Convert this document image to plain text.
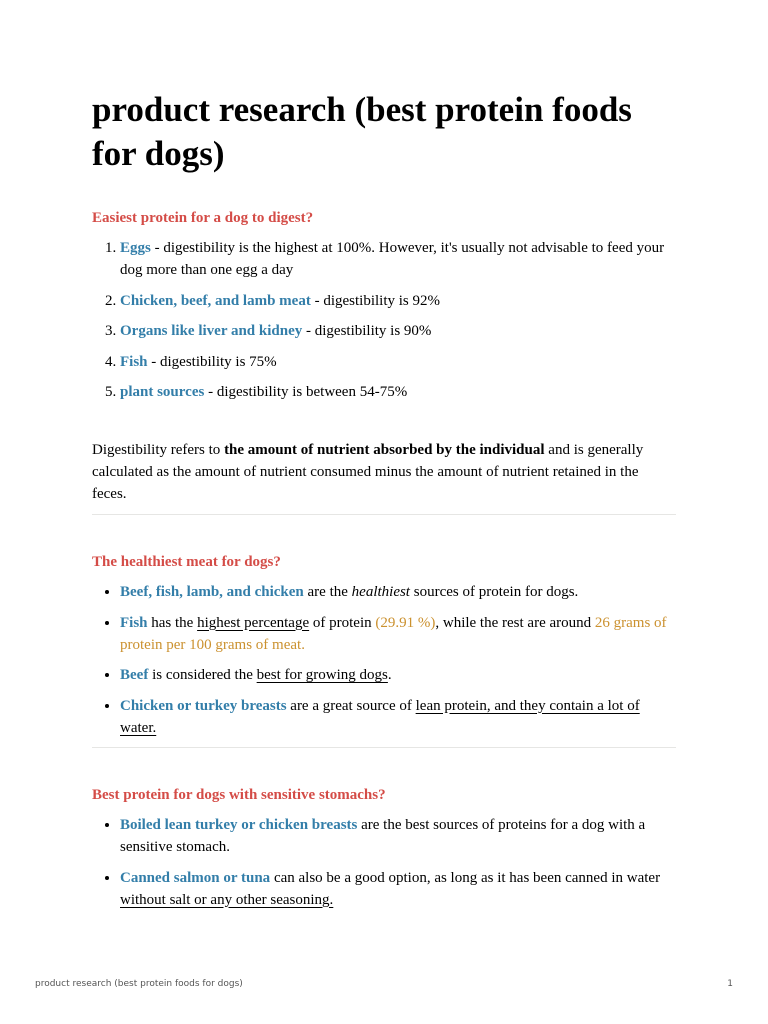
product research (best protein foods for dogs)
Easiest protein for a dog to digest?
1. Eggs - digestibility is the highest at 100%. However, it's usually not advisable to feed your dog more than one egg a day
2. Chicken, beef, and lamb meat - digestibility is 92%
3. Organs like liver and kidney - digestibility is 90%
4. Fish - digestibility is 75%
5. plant sources - digestibility is between 54-75%

Digestibility refers to the amount of nutrient absorbed by the individual and is generally calculated as the amount of nutrient consumed minus the amount of nutrient retained in the feces.

The healthiest meat for dogs?
• Beef, fish, lamb, and chicken are the healthiest sources of protein for dogs.
• Fish has the highest percentage of protein (29.91 %), while the rest are around 26 grams of protein per 100 grams of meat.
• Beef is considered the best for growing dogs.
• Chicken or turkey breasts are a great source of lean protein, and they contain a lot of water.
Best protein for dogs with sensitive stomachs?
• Boiled lean turkey or chicken breasts are the best sources of proteins for a dog with a sensitive stomach.
• Canned salmon or tuna can also be a good option, as long as it has been canned in water without salt or any other seasoning.
product research (best protein foods for dogs)	1
